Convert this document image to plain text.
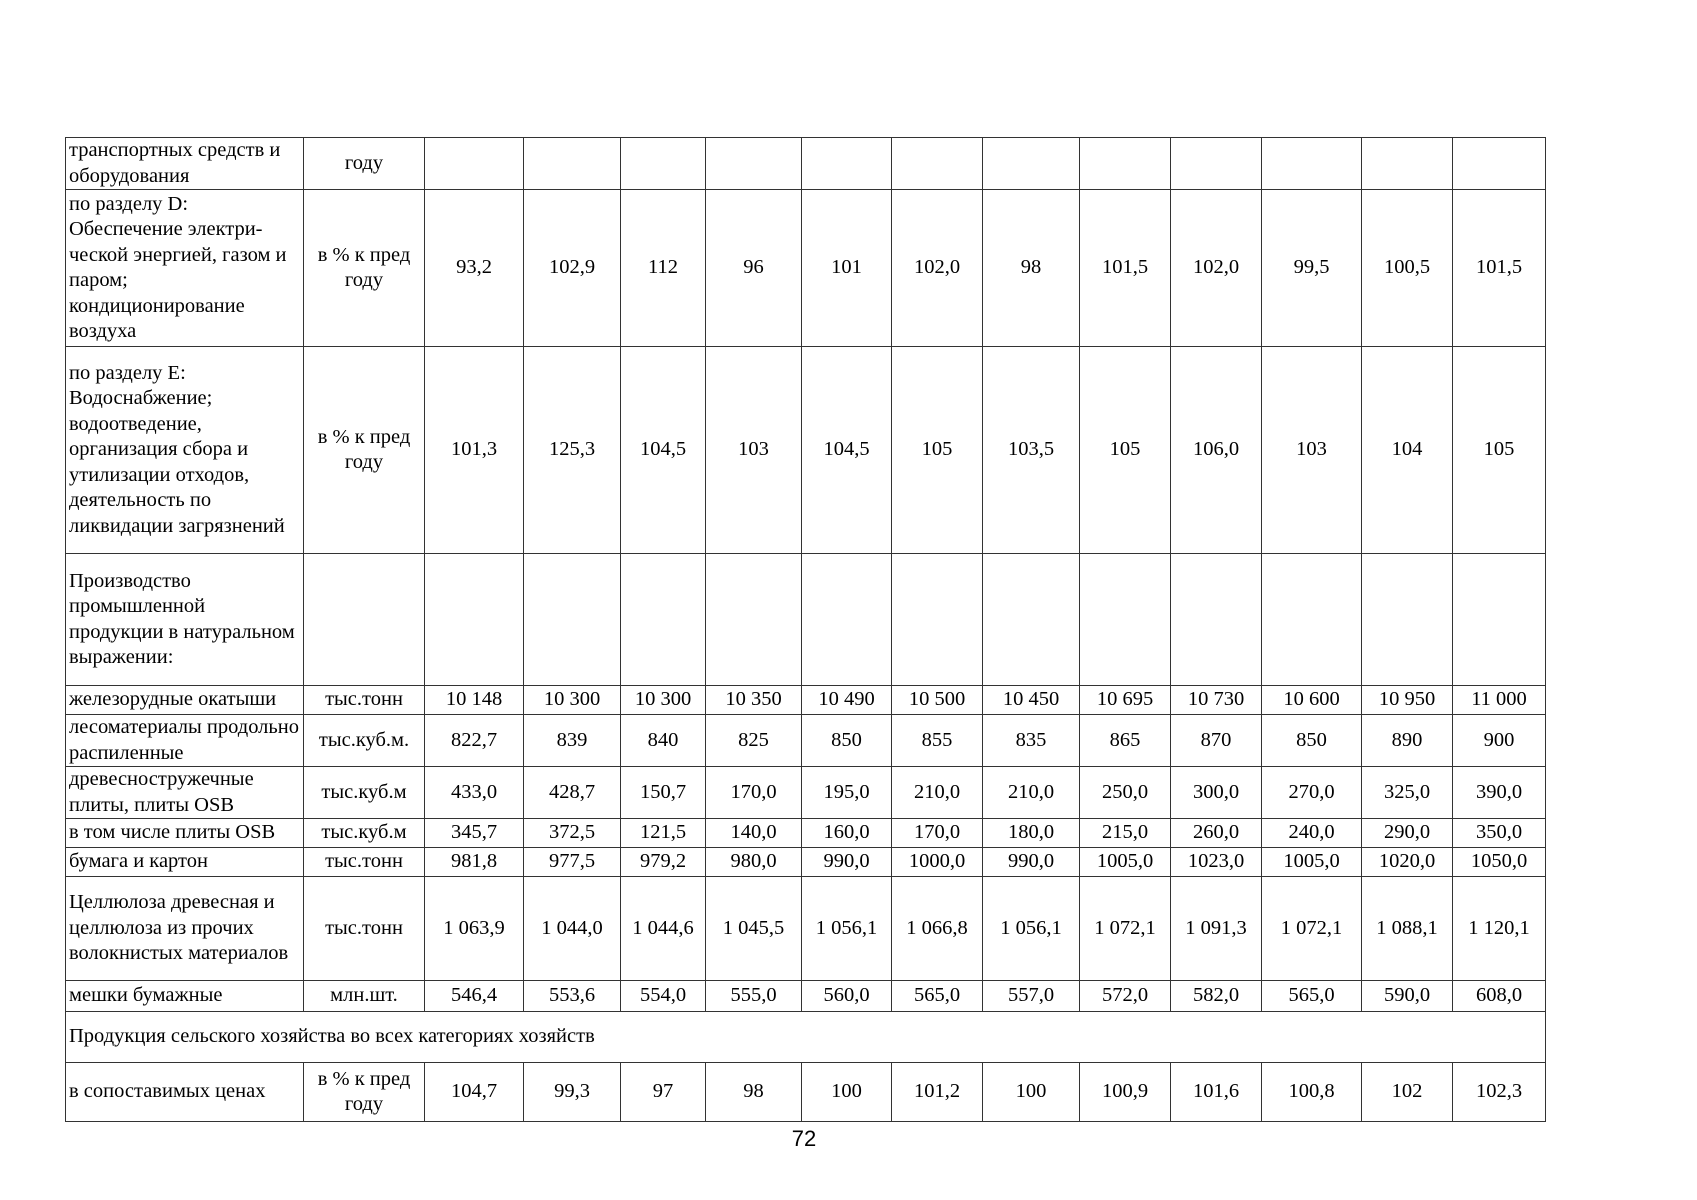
транспортных средств и оборудования	году												
по разделу D: Обеспечение электри-ческой энергией, газом и паром; кондиционирование воздуха	в % к пред году	93,2	102,9	112	96	101	102,0	98	101,5	102,0	99,5	100,5	101,5
по разделу E: Водоснабжение; водоотведение, организация сбора и утилизации отходов, деятельность по ликвидации загрязнений	в % к пред году	101,3	125,3	104,5	103	104,5	105	103,5	105	106,0	103	104	105
Производство промышленной продукции в натуральном выражении:													
железорудные окатыши	тыс.тонн	10 148	10 300	10 300	10 350	10 490	10 500	10 450	10 695	10 730	10 600	10 950	11 000
лесоматериалы продольно распиленные	тыс.куб.м.	822,7	839	840	825	850	855	835	865	870	850	890	900
древесностружечные плиты, плиты OSB	тыс.куб.м	433,0	428,7	150,7	170,0	195,0	210,0	210,0	250,0	300,0	270,0	325,0	390,0
в том числе плиты OSB	тыс.куб.м	345,7	372,5	121,5	140,0	160,0	170,0	180,0	215,0	260,0	240,0	290,0	350,0
бумага и картон	тыс.тонн	981,8	977,5	979,2	980,0	990,0	1000,0	990,0	1005,0	1023,0	1005,0	1020,0	1050,0
Целлюлоза древесная и целлюлоза из прочих волокнистых материалов	тыс.тонн	1 063,9	1 044,0	1 044,6	1 045,5	1 056,1	1 066,8	1 056,1	1 072,1	1 091,3	1 072,1	1 088,1	1 120,1
мешки бумажные	млн.шт.	546,4	553,6	554,0	555,0	560,0	565,0	557,0	572,0	582,0	565,0	590,0	608,0
Продукция сельского хозяйства во всех категориях хозяйств													
в сопоставимых ценах	в % к пред году	104,7	99,3	97	98	100	101,2	100	100,9	101,6	100,8	102	102,3
72
